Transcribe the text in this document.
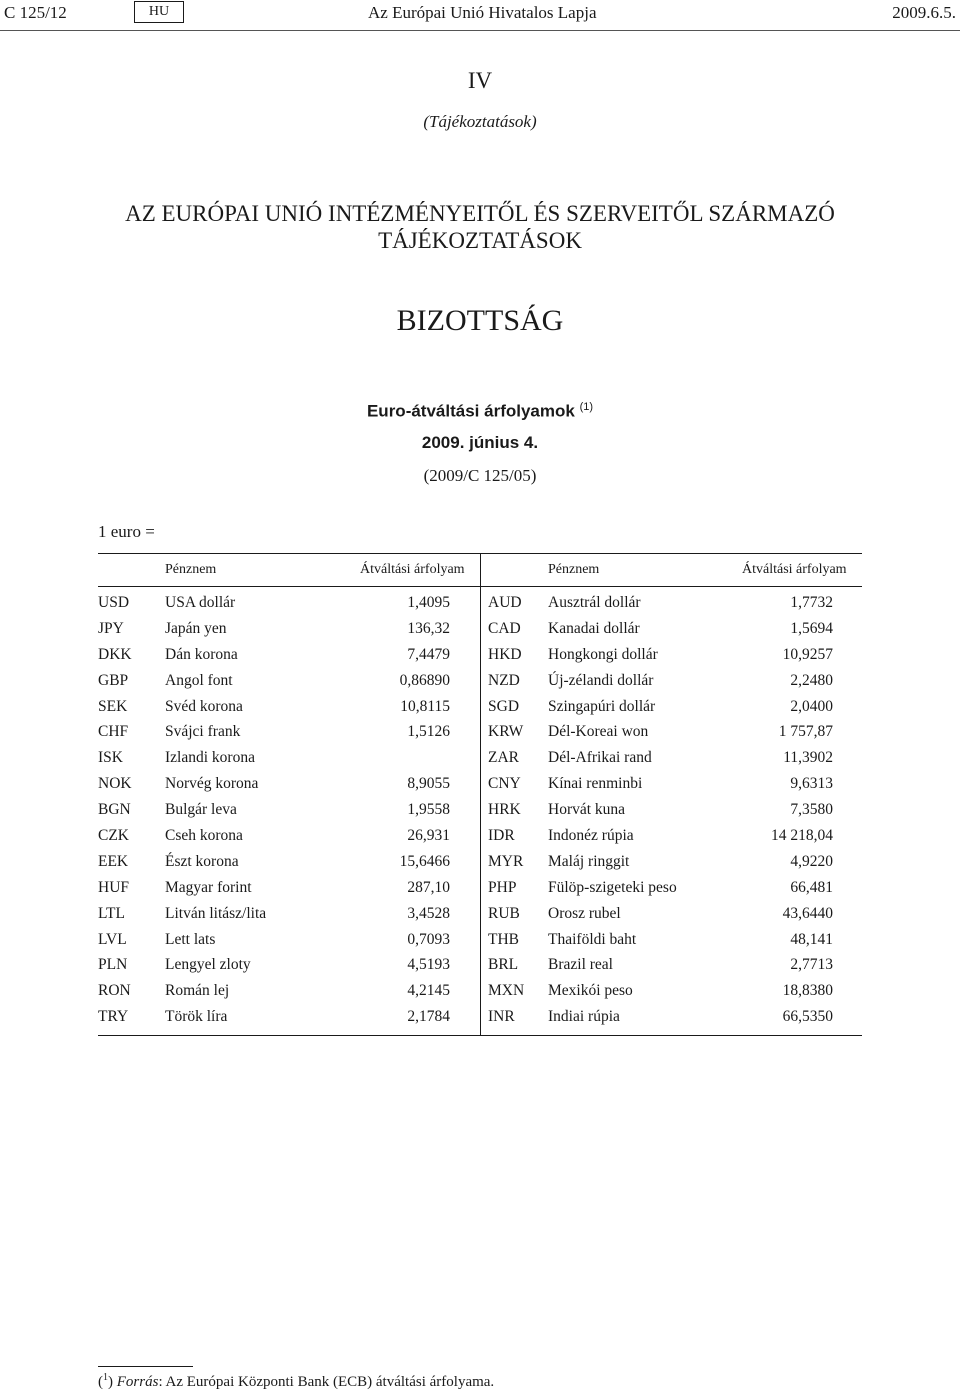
C 125/12	HU	Az Európai Unió Hivatalos Lapja	2009.6.5.
IV
(Tájékoztatások)
AZ EURÓPAI UNIÓ INTÉZMÉNYEITŐL ÉS SZERVEITŐL SZÁRMAZÓ TÁJÉKOZTATÁSOK
BIZOTTSÁG
Euro-átváltási árfolyamok $^{(1)}$
2009. június 4.
(2009/C 125/05)
1 euro =
Pénznem	Átváltási árfolyam	Pénznem	Átváltási árfolyam
USD USA dollár	1,4095 AUD Ausztrál dollár	1,7732
JPY	Japán yen	136,32 CAD Kanadai dollár	1,5694
DKK Dán korona	7,4479 HKD Hongkongi dollár	10,9257
GBP Angol font	0,86890 NZD Új-zélandi dollár	2,2480
SEK Svéd korona	10,8115 SGD Szingapúri dollár	2,0400
CHF Svájci frank	1,5126 KRW Dél-Koreai won	1 757,87
ISK	Izlandi korona	ZAR Dél-Afrikai rand	11,3902
NOK Norvég korona	8,9055 CNY Kínai renminbi	9,6313
BGN Bulgár leva	1,9558 HRK Horvát kuna	7,3580
CZK Cseh korona	26,931 IDR Indonéz rúpia	14 218,04
EEK Észt korona	15,6466 MYR Maláj ringgit	4,9220
HUF Magyar forint	287,10 PHP Fülöp-szigeteki peso	66,481
LTL	Litván litász/lita	3,4528 RUB Orosz rubel	43,6440
LVL Lett lats	0,7093 THB Thaiföldi baht	48,141
PLN Lengyel zloty	4,5193 BRL Brazil real	2,7713
RON Román lej	4,2145 MXN Mexikói peso	18,8380
TRY Török líra	2,1784 INR Indiai rúpia	66,5350
($^1$) Forrás: Az Európai Központi Bank (ECB) átváltási árfolyama.
